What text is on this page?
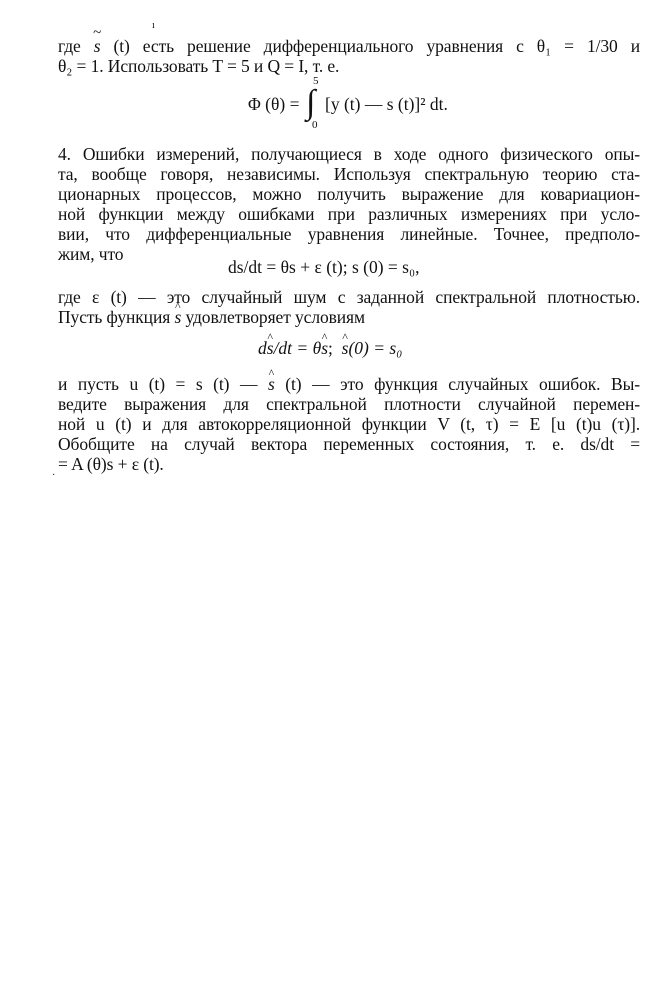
ı
где ~ s (t) есть решение дифференциального уравнения с θ₁ = 1/30 и
θ₂ = 1. Использовать T = 5 и Q = I, т. е.
Φ (θ) =
5
∫
0
[y (t) — s (t)]² dt.
4. Ошибки измерений, получающиеся в ходе одного физического опы-
та, вообще говоря, независимы. Используя спектральную теорию ста-
ционарных процессов, можно получить выражение для ковариацион-
ной функции между ошибками при различных измерениях при усло-
вии, что дифференциальные уравнения линейные. Точнее, предполо-
жим, что
ds/dt = θs + ε (t); s (0) = s₀,
где ε (t) — это случайный шум с заданной спектральной плотностью.
Пусть функция ^ s удовлетворяет условиям
d^ s/dt = θ^ s; ^ s(0) = s₀
и пусть u (t) = s (t) — ^ s (t) — это функция случайных ошибок. Вы-
ведите выражения для спектральной плотности случайной перемен-
ной u (t) и для автокорреляционной функции V (t, τ) = E [u (t)u (τ)].
Обобщите на случай вектора переменных состояния, т. е. ds/dt =
= A (θ)s + ε (t).
·
